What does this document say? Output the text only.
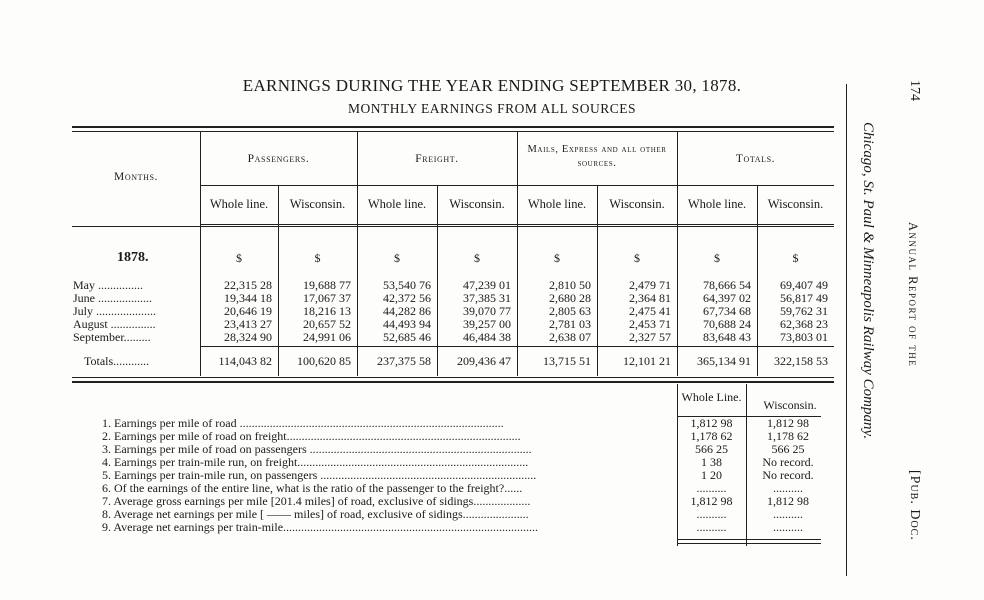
EARNINGS DURING THE YEAR ENDING SEPTEMBER 30, 1878.
MONTHLY EARNINGS FROM ALL SOURCES
Months.
Passengers.	Freight.
Mails, Express and all other sources.	Totals.
Whole line.	Wisconsin.	Whole line.	Wisconsin.	Whole line.	Wisconsin.	Whole line.	Wisconsin.
1878.	$	$	$	$	$	$	$	$
May ...............	22,315 28	19,688 77	53,540 76	47,239 01	2,810 50	2,479 71	78,666 54	69,407 49
June ..................	19,344 18	17,067 37	42,372 56	37,385 31	2,680 28	2,364 81	64,397 02	56,817 49
July ....................	20,646 19	18,216 13	44,282 86	39,070 77	2,805 63	2,475 41	67,734 68	59,762 31
August ...............	23,413 27	20,657 52	44,493 94	39,257 00	2,781 03	2,453 71	70,688 24	62,368 23
September.........	28,324 90	24,991 06	52,685 46	46,484 38	2,638 07	2,327 57	83,648 43	73,803 01
Totals............	114,043 82	100,620 85	237,375 58	209,436 47	13,715 51	12,101 21	365,134 91	322,158 53
Whole Line.
Wisconsin.
1. Earnings per mile of road ........................................................................................	1,812 98	1,812 98
2. Earnings per mile of road on freight..............................................................................	1,178 62	1,178 62
3. Earnings per mile of road on passengers ..........................................................................	566 25	566 25
4. Earnings per train-mile run, on freight.............................................................................	1 38	No record.
5. Earnings per train-mile run, on passengers ........................................................................	1 20	No record.
6. Of the earnings of the entire line, what is the ratio of the passenger to the freight?......	..........	..........
7. Average gross earnings per mile [201.4 miles] of road, exclusive of sidings...................	1,812 98	1,812 98
8. Average net earnings per mile [ —— miles] of road, exclusive of sidings......................	..........	..........
9. Average net earnings per train-mile.....................................................................................	..........	..........
Chicago, St. Paul & Minneapolis Railway Company.
174
Annual Report of the
[Pub. Doc.
